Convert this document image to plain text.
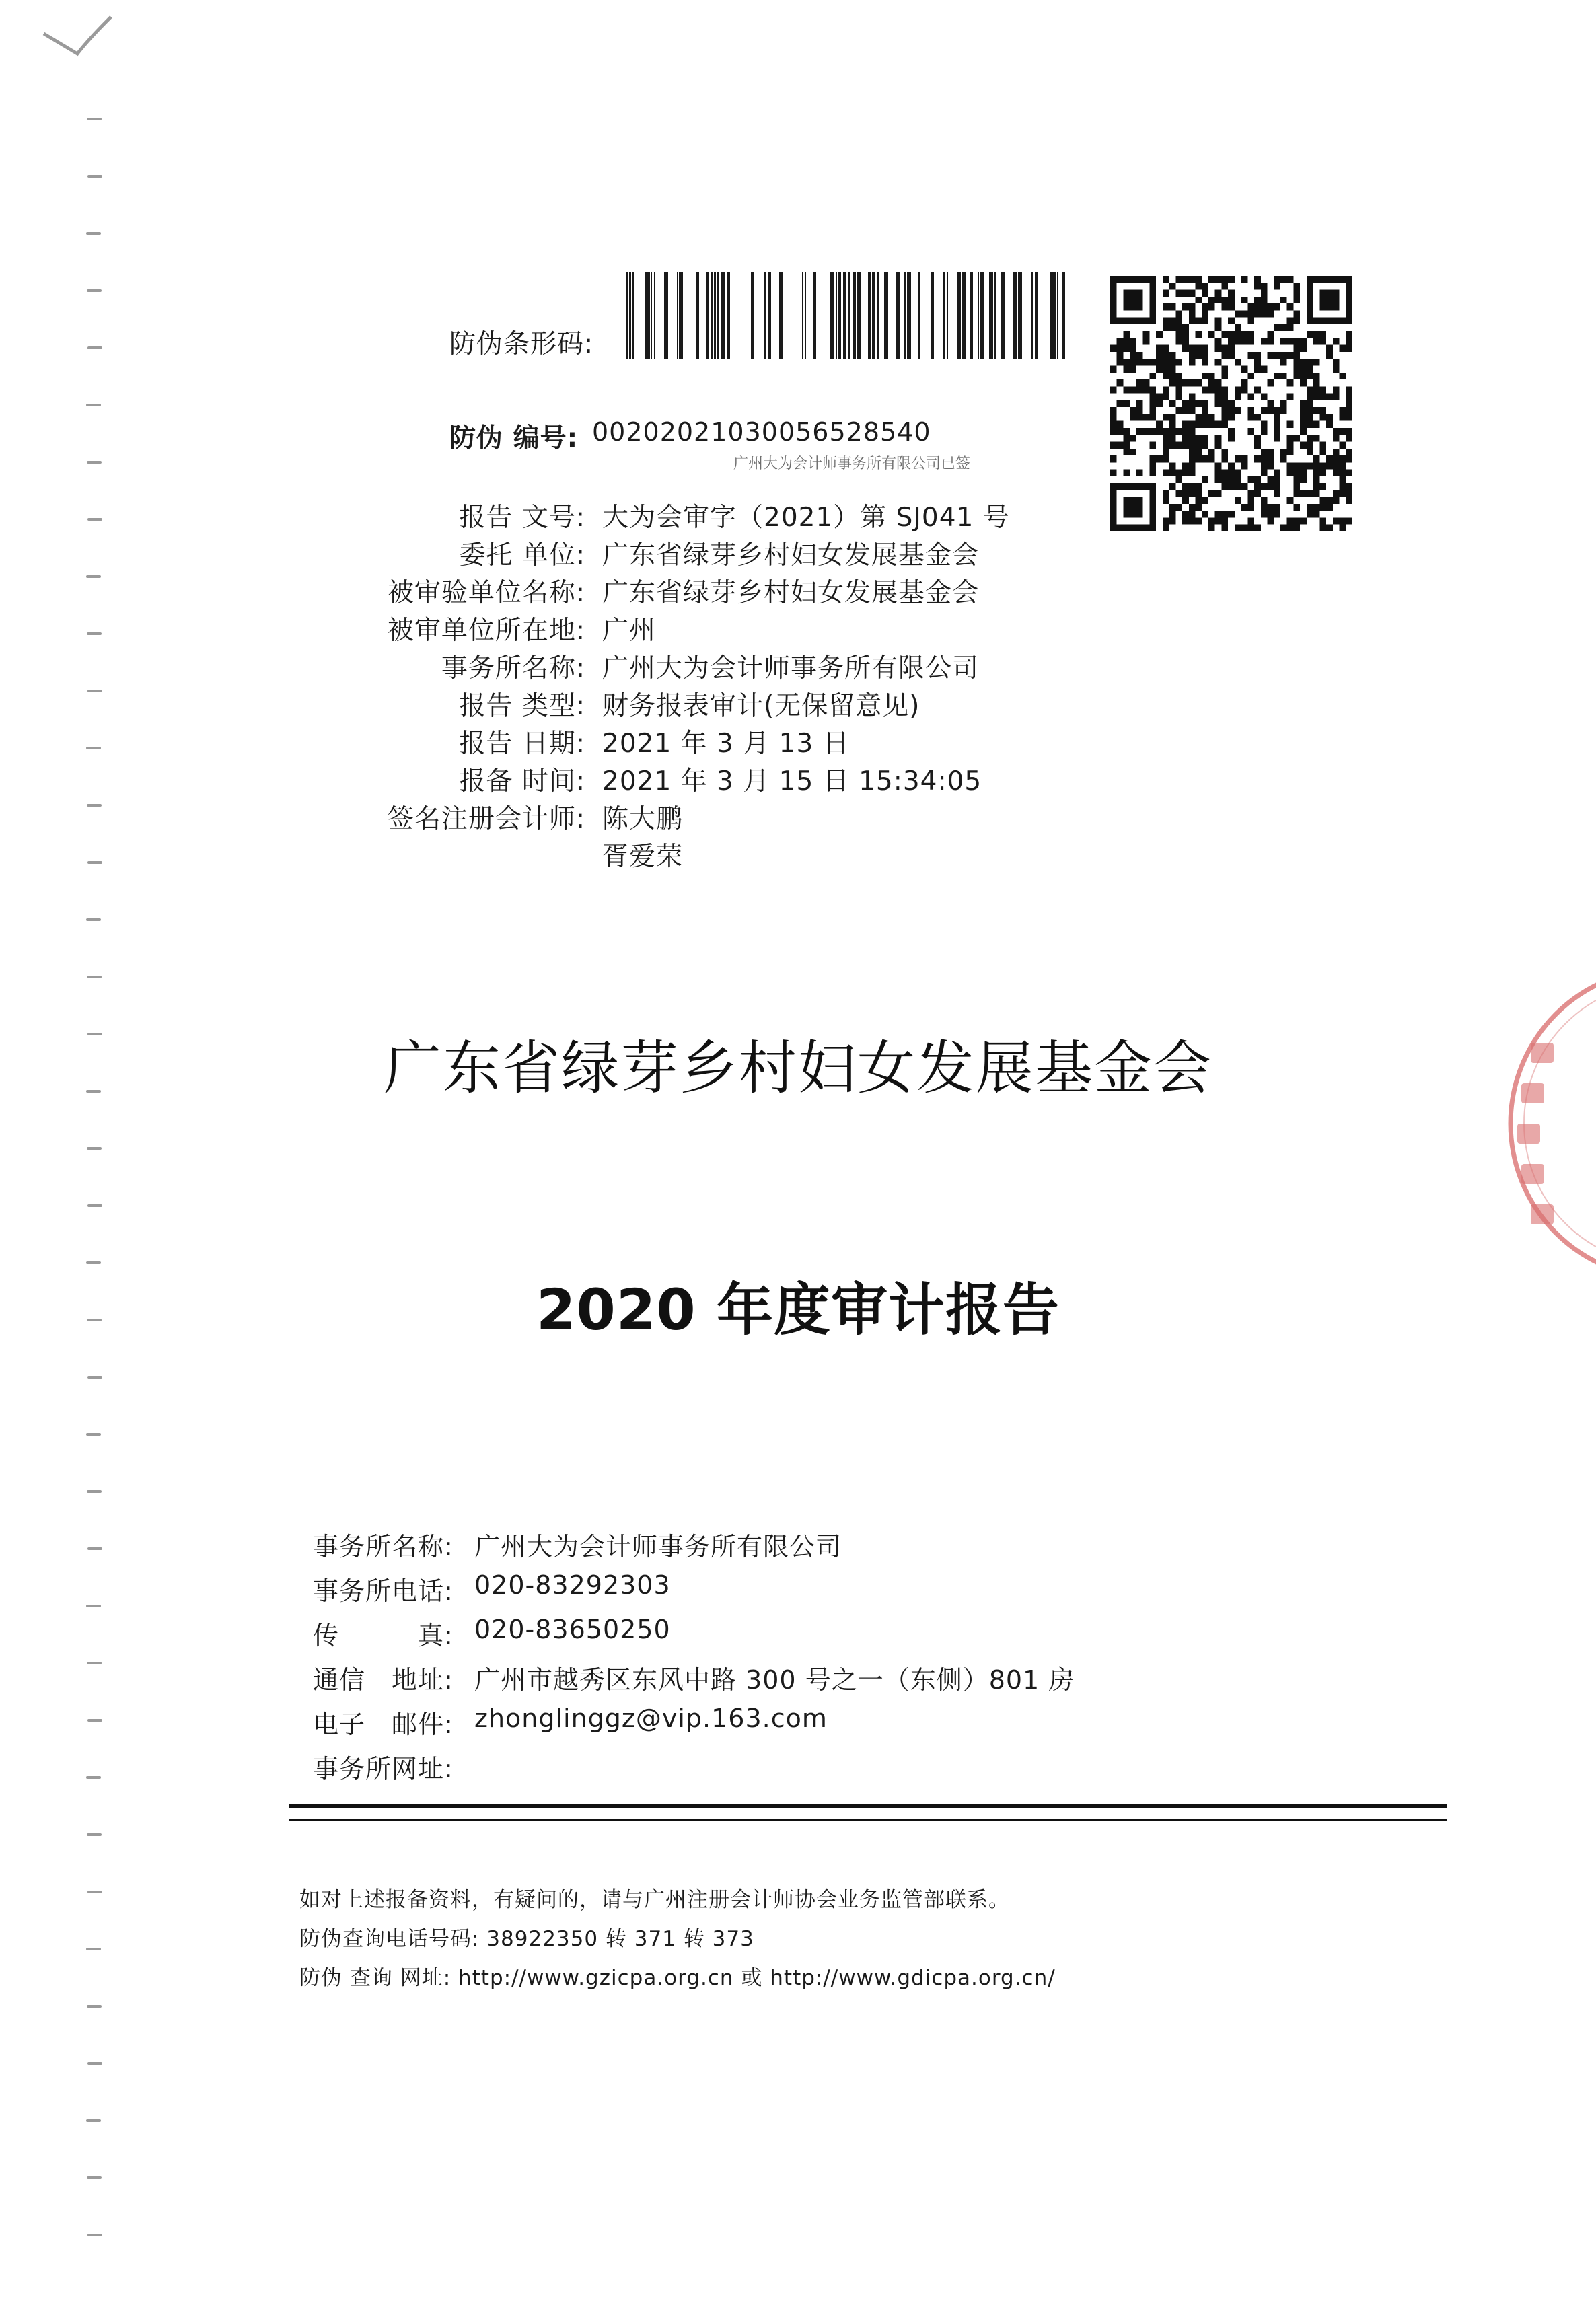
防伪条形码:
防伪 编号: 00202021030056528540
广州大为会计师事务所有限公司已签
报告 文号: 大为会审字（2021）第 SJ041 号
委托 单位: 广东省绿芽乡村妇女发展基金会
被审验单位名称: 广东省绿芽乡村妇女发展基金会
被审单位所在地: 广州
事务所名称: 广州大为会计师事务所有限公司
报告 类型: 财务报表审计(无保留意见)
报告 日期: 2021 年 3 月 13 日
报备 时间: 2021 年 3 月 15 日 15:34:05
签名注册会计师: 陈大鹏
胥爱荣
广东省绿芽乡村妇女发展基金会
2020 年度审计报告
事务所名称: 广州大为会计师事务所有限公司
事务所电话: 020-83292303
传　　　真: 020-83650250
通信　地址: 广州市越秀区东风中路 300 号之一（东侧）801 房
电子　邮件: zhonglinggz@vip.163.com
事务所网址:
如对上述报备资料，有疑问的，请与广州注册会计师协会业务监管部联系。
防伪查询电话号码: 38922350 转 371 转 373
防伪 查询 网址: http://www.gzicpa.org.cn 或 http://www.gdicpa.org.cn/
